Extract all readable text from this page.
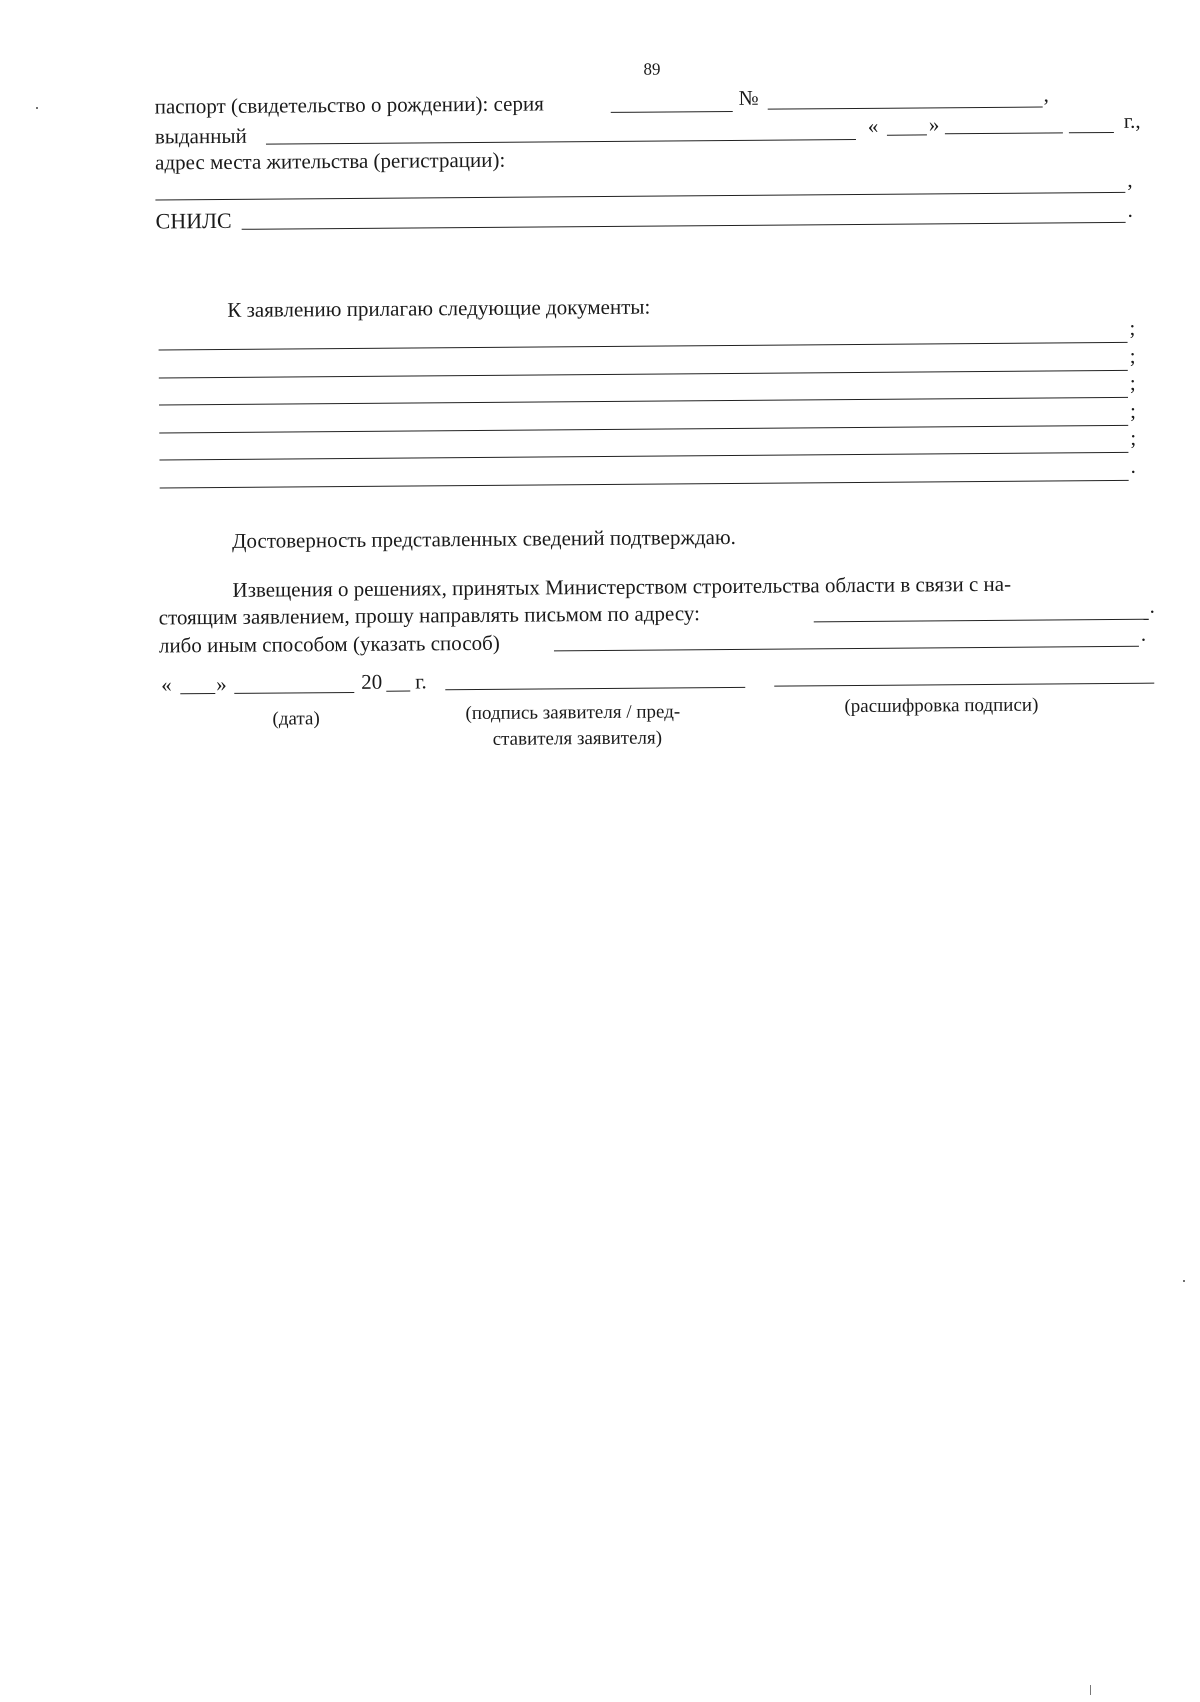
89
паспорт (свидетельство о рождении): серия	№	,
выданный	« »	г.,
адрес места жительства (регистрации):
,
СНИЛС	.
К заявлению прилагаю следующие документы:
;
;
;
;
;
.
Достоверность представленных сведений подтверждаю.
Извещения о решениях, принятых Министерством строительства области в связи с на-
стоящим заявлением, прошу направлять письмом по адресу:	.
либо иным способом (указать способ)	.
« »	20 г.
(дата)	(подпись заявителя / пред-
ставителя заявителя)
(расшифровка подписи)
